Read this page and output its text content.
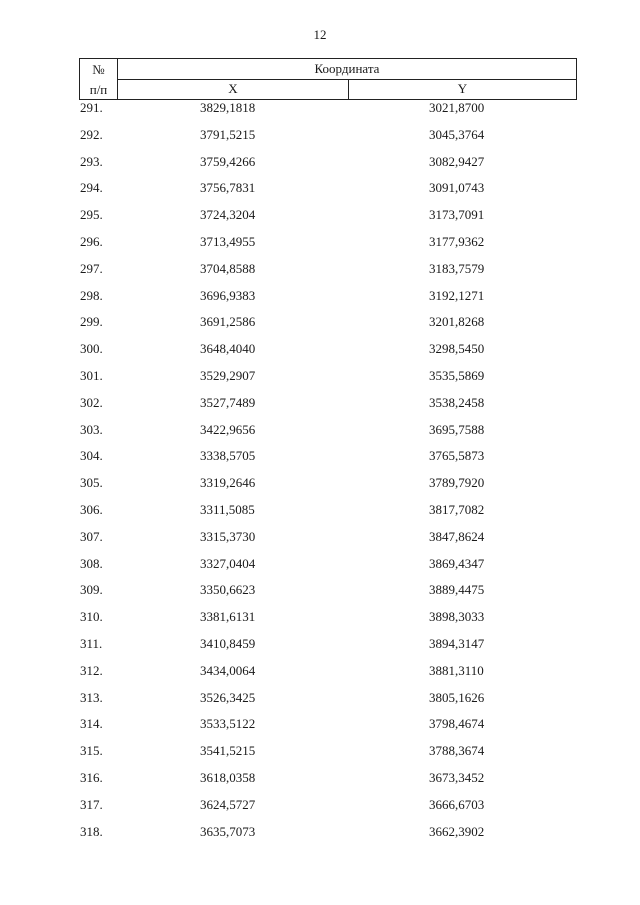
12
№
п/п
Координата
X	Y
291.	3829,1818	3021,8700
292.	3791,5215	3045,3764
293.	3759,4266	3082,9427
294.	3756,7831	3091,0743
295.	3724,3204	3173,7091
296.	3713,4955	3177,9362
297.	3704,8588	3183,7579
298.	3696,9383	3192,1271
299.	3691,2586	3201,8268
300.	3648,4040	3298,5450
301.	3529,2907	3535,5869
302.	3527,7489	3538,2458
303.	3422,9656	3695,7588
304.	3338,5705	3765,5873
305.	3319,2646	3789,7920
306.	3311,5085	3817,7082
307.	3315,3730	3847,8624
308.	3327,0404	3869,4347
309.	3350,6623	3889,4475
310.	3381,6131	3898,3033
311.	3410,8459	3894,3147
312.	3434,0064	3881,3110
313.	3526,3425	3805,1626
314.	3533,5122	3798,4674
315.	3541,5215	3788,3674
316.	3618,0358	3673,3452
317.	3624,5727	3666,6703
318.	3635,7073	3662,3902
